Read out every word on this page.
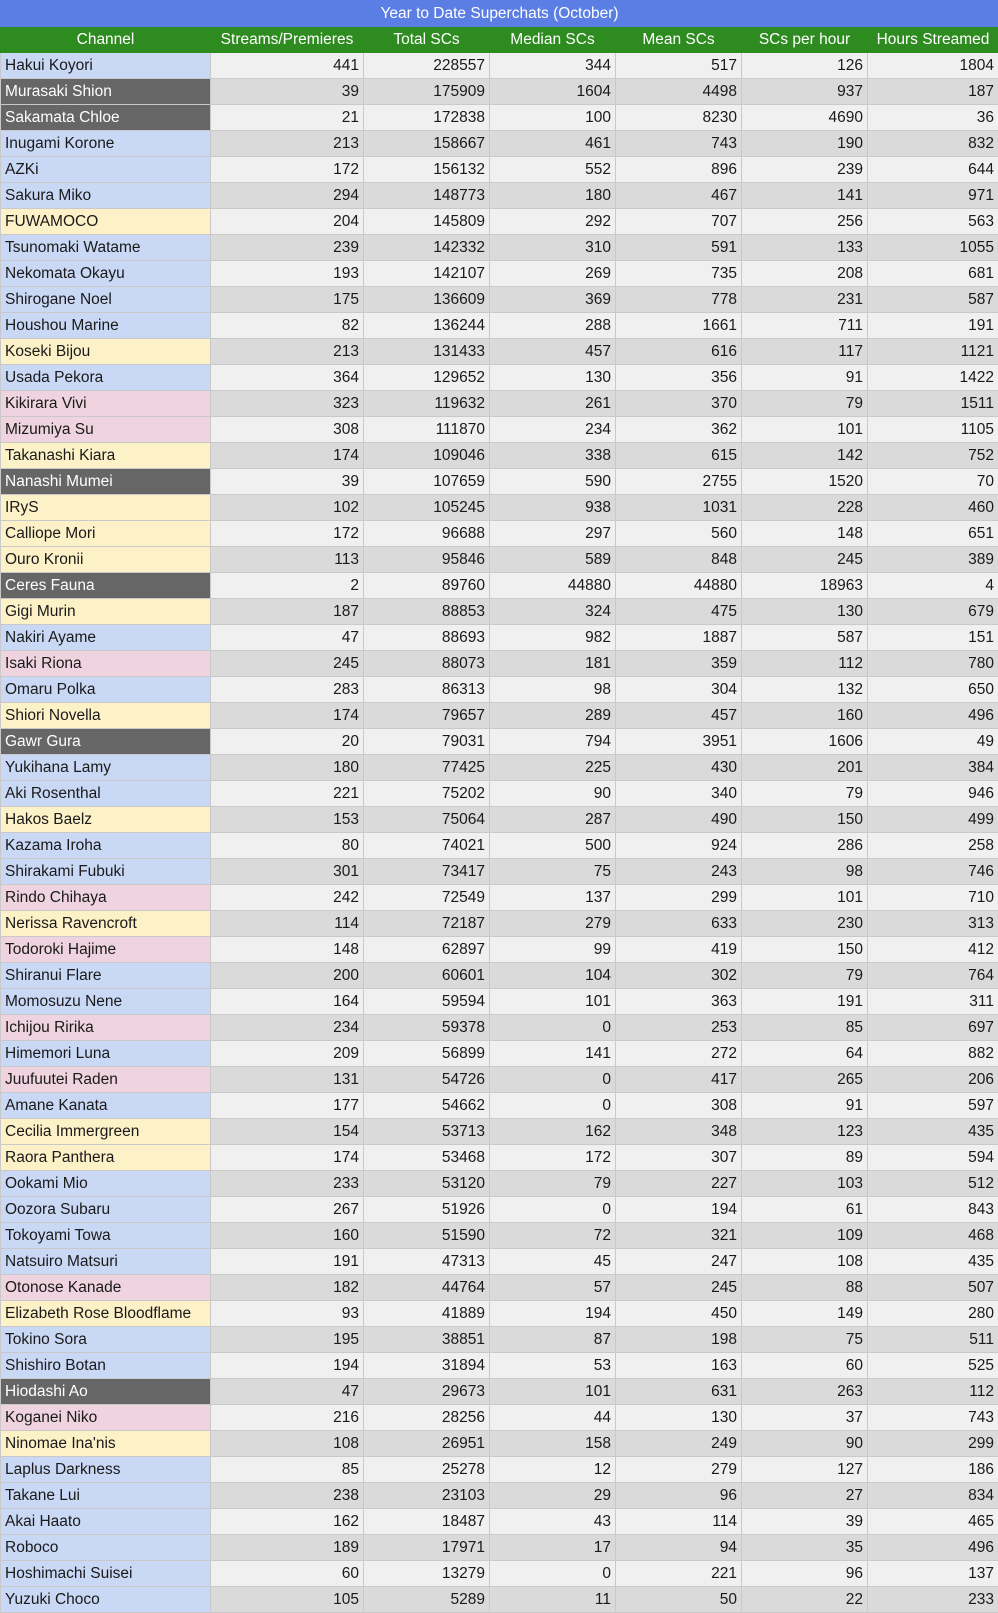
Year to Date Superchats (October)						
Channel	Streams/Premieres	Total SCs	Median SCs	Mean SCs	SCs per hour	Hours Streamed
Hakui Koyori	441	228557	344	517	126	1804
Murasaki Shion	39	175909	1604	4498	937	187
Sakamata Chloe	21	172838	100	8230	4690	36
Inugami Korone	213	158667	461	743	190	832
AZKi	172	156132	552	896	239	644
Sakura Miko	294	148773	180	467	141	971
FUWAMOCO	204	145809	292	707	256	563
Tsunomaki Watame	239	142332	310	591	133	1055
Nekomata Okayu	193	142107	269	735	208	681
Shirogane Noel	175	136609	369	778	231	587
Houshou Marine	82	136244	288	1661	711	191
Koseki Bijou	213	131433	457	616	117	1121
Usada Pekora	364	129652	130	356	91	1422
Kikirara Vivi	323	119632	261	370	79	1511
Mizumiya Su	308	111870	234	362	101	1105
Takanashi Kiara	174	109046	338	615	142	752
Nanashi Mumei	39	107659	590	2755	1520	70
IRyS	102	105245	938	1031	228	460
Calliope Mori	172	96688	297	560	148	651
Ouro Kronii	113	95846	589	848	245	389
Ceres Fauna	2	89760	44880	44880	18963	4
Gigi Murin	187	88853	324	475	130	679
Nakiri Ayame	47	88693	982	1887	587	151
Isaki Riona	245	88073	181	359	112	780
Omaru Polka	283	86313	98	304	132	650
Shiori Novella	174	79657	289	457	160	496
Gawr Gura	20	79031	794	3951	1606	49
Yukihana Lamy	180	77425	225	430	201	384
Aki Rosenthal	221	75202	90	340	79	946
Hakos Baelz	153	75064	287	490	150	499
Kazama Iroha	80	74021	500	924	286	258
Shirakami Fubuki	301	73417	75	243	98	746
Rindo Chihaya	242	72549	137	299	101	710
Nerissa Ravencroft	114	72187	279	633	230	313
Todoroki Hajime	148	62897	99	419	150	412
Shiranui Flare	200	60601	104	302	79	764
Momosuzu Nene	164	59594	101	363	191	311
Ichijou Ririka	234	59378	0	253	85	697
Himemori Luna	209	56899	141	272	64	882
Juufuutei Raden	131	54726	0	417	265	206
Amane Kanata	177	54662	0	308	91	597
Cecilia Immergreen	154	53713	162	348	123	435
Raora Panthera	174	53468	172	307	89	594
Ookami Mio	233	53120	79	227	103	512
Oozora Subaru	267	51926	0	194	61	843
Tokoyami Towa	160	51590	72	321	109	468
Natsuiro Matsuri	191	47313	45	247	108	435
Otonose Kanade	182	44764	57	245	88	507
Elizabeth Rose Bloodflame	93	41889	194	450	149	280
Tokino Sora	195	38851	87	198	75	511
Shishiro Botan	194	31894	53	163	60	525
Hiodashi Ao	47	29673	101	631	263	112
Koganei Niko	216	28256	44	130	37	743
Ninomae Ina'nis	108	26951	158	249	90	299
Laplus Darkness	85	25278	12	279	127	186
Takane Lui	238	23103	29	96	27	834
Akai Haato	162	18487	43	114	39	465
Roboco	189	17971	17	94	35	496
Hoshimachi Suisei	60	13279	0	221	96	137
Yuzuki Choco	105	5289	11	50	22	233
